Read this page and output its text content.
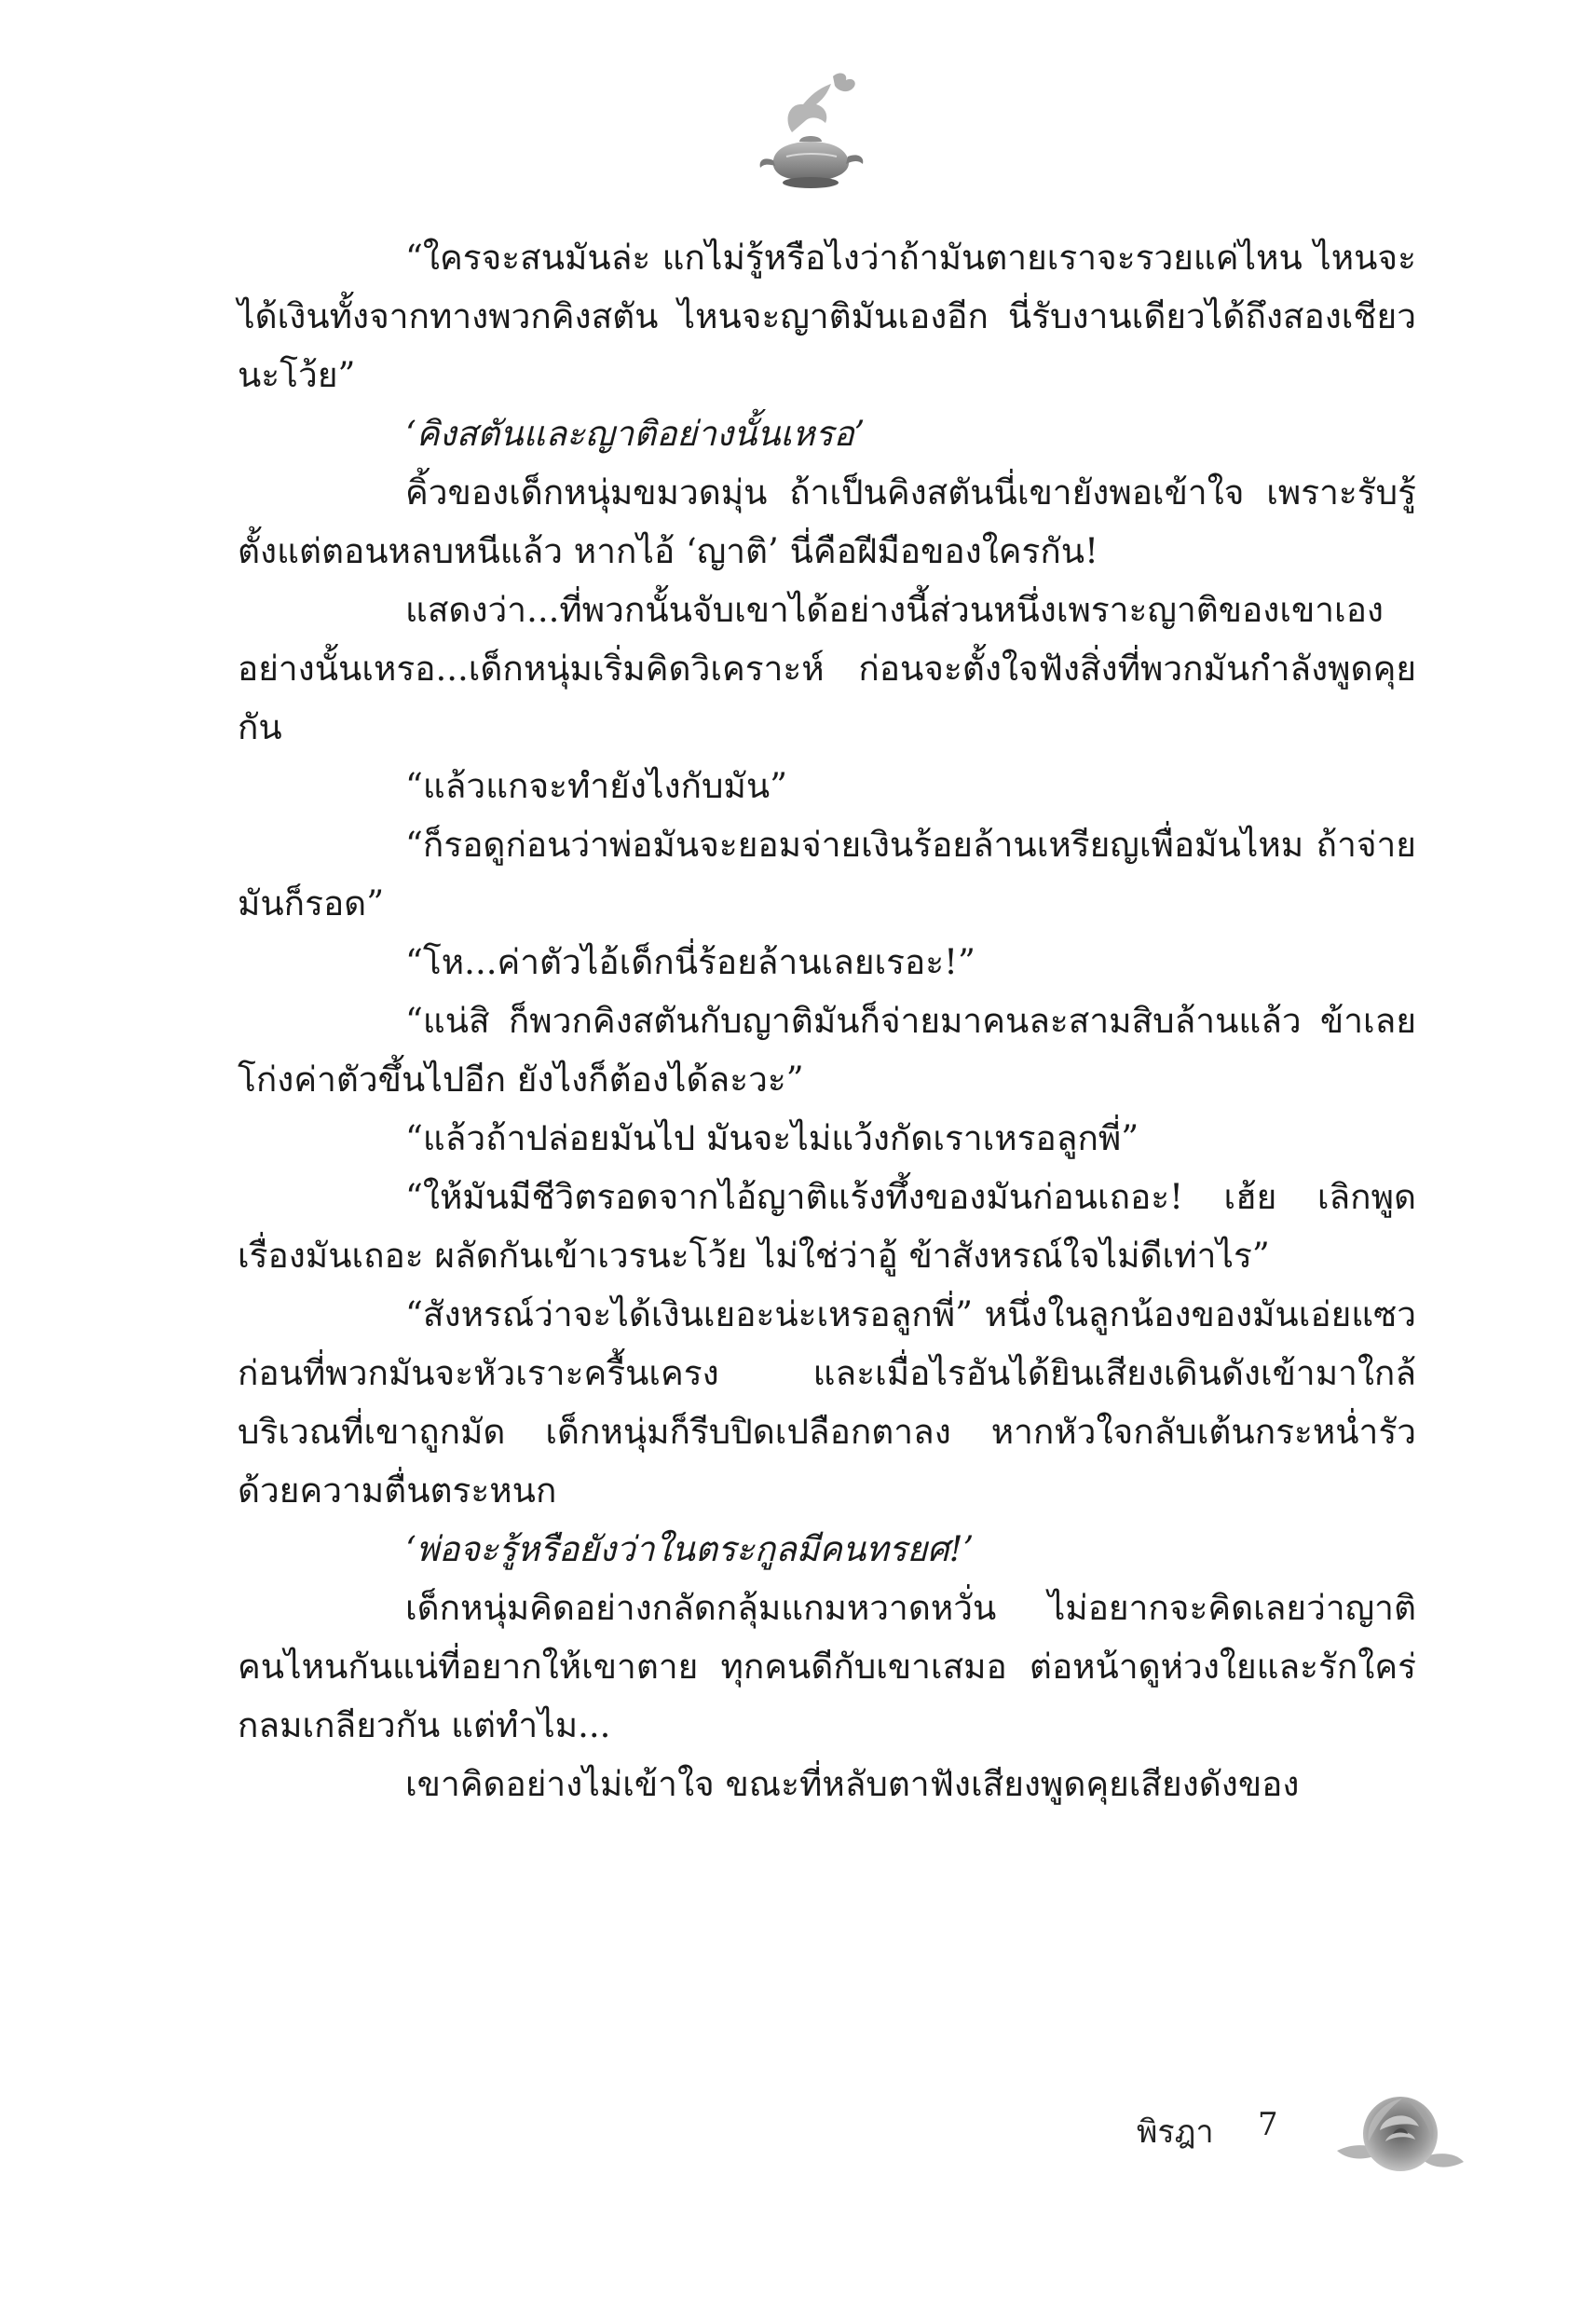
“ใครจะสนมันล่ะ แกไม่รู้หรือไงว่าถ้ามันตายเราจะรวยแค่ไหน ไหนจะได้เงินทั้งจากทางพวกคิงสตัน ไหนจะญาติมันเองอีก นี่รับงานเดียวได้ถึงสองเชียวนะโว้ย”

‘คิงสตันและญาติอย่างนั้นเหรอ’

คิ้วของเด็กหนุ่มขมวดมุ่น ถ้าเป็นคิงสตันนี่เขายังพอเข้าใจ เพราะรับรู้ตั้งแต่ตอนหลบหนีแล้ว หากไอ้ ‘ญาติ’ นี่คือฝีมือของใครกัน!

แสดงว่า...ที่พวกนั้นจับเขาได้อย่างนี้ส่วนหนึ่งเพราะญาติของเขาเองอย่างนั้นเหรอ...เด็กหนุ่มเริ่มคิดวิเคราะห์ ก่อนจะตั้งใจฟังสิ่งที่พวกมันกำลังพูดคุยกัน

“แล้วแกจะทำยังไงกับมัน”

“ก็รอดูก่อนว่าพ่อมันจะยอมจ่ายเงินร้อยล้านเหรียญเพื่อมันไหม ถ้าจ่ายมันก็รอด”

“โห...ค่าตัวไอ้เด็กนี่ร้อยล้านเลยเรอะ!”

“แน่สิ ก็พวกคิงสตันกับญาติมันก็จ่ายมาคนละสามสิบล้านแล้ว ข้าเลยโก่งค่าตัวขึ้นไปอีก ยังไงก็ต้องได้ละวะ”

“แล้วถ้าปล่อยมันไป มันจะไม่แว้งกัดเราเหรอลูกพี่”

“ให้มันมีชีวิตรอดจากไอ้ญาติแร้งทึ้งของมันก่อนเถอะ! เฮ้ย เลิกพูดเรื่องมันเถอะ ผลัดกันเข้าเวรนะโว้ย ไม่ใช่ว่าอู้ ข้าสังหรณ์ใจไม่ดีเท่าไร”

“สังหรณ์ว่าจะได้เงินเยอะน่ะเหรอลูกพี่” หนึ่งในลูกน้องของมันเอ่ยแซว ก่อนที่พวกมันจะหัวเราะครื้นเครง และเมื่อไรอันได้ยินเสียงเดินดังเข้ามาใกล้บริเวณที่เขาถูกมัด เด็กหนุ่มก็รีบปิดเปลือกตาลง หากหัวใจกลับเต้นกระหน่ำรัวด้วยความตื่นตระหนก

‘พ่อจะรู้หรือยังว่าในตระกูลมีคนทรยศ!’

เด็กหนุ่มคิดอย่างกลัดกลุ้มแกมหวาดหวั่น ไม่อยากจะคิดเลยว่าญาติคนไหนกันแน่ที่อยากให้เขาตาย ทุกคนดีกับเขาเสมอ ต่อหน้าดูห่วงใยและรักใคร่กลมเกลียวกัน แต่ทำไม...

เขาคิดอย่างไม่เข้าใจ ขณะที่หลับตาฟังเสียงพูดคุยเสียงดังของ

พิรฎา 7
